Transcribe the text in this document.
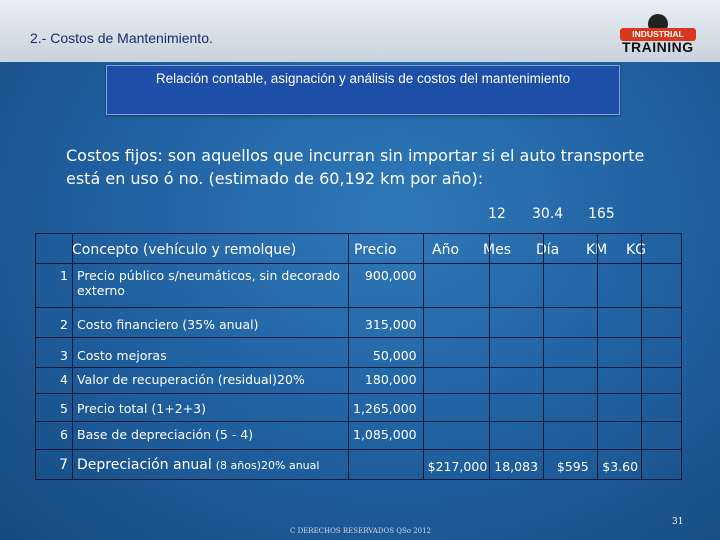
2.- Costos de Mantenimiento.	INDUSTRIAL
TRAINING
Relación contable, asignación y análisis de costos del mantenimiento
Costos fijos: son aquellos que incurran sin importar si el auto transporte está en uso ó no. (estimado de 60,192 km por año):
12 30.4 165
Concepto (vehículo y remolque)	Precio	Año Mes Día KM KG

1	Precio público s/neumáticos, sin decorado externo	900,000					
2	Costo financiero (35% anual)	315,000					
3	Costo mejoras	50,000					
4	Valor de recuperación (residual)20%	180,000					
5	Precio total (1+2+3)	1,265,000					
6	Base de depreciación (5 - 4)	1,085,000					
7	Depreciación anual (8 años)20% anual		$217,000	18,083	$595	$3.60	
C DERECHOS RESERVADOS QSo 2012
31
